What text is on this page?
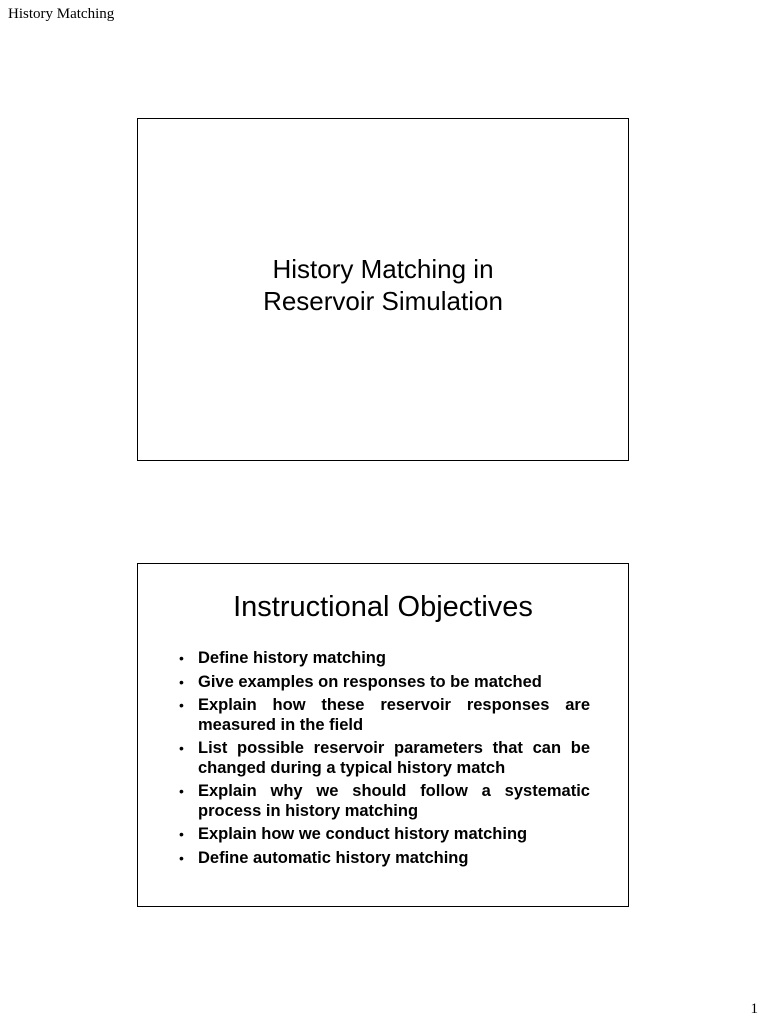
History Matching
History Matching in
Reservoir Simulation
Instructional Objectives
• Define history matching
• Give examples on responses to be matched
• Explain how these reservoir responses are measured in the field
• List possible reservoir parameters that can be changed during a typical history match
• Explain why we should follow a systematic process in history matching
• Explain how we conduct history matching
• Define automatic history matching
1
